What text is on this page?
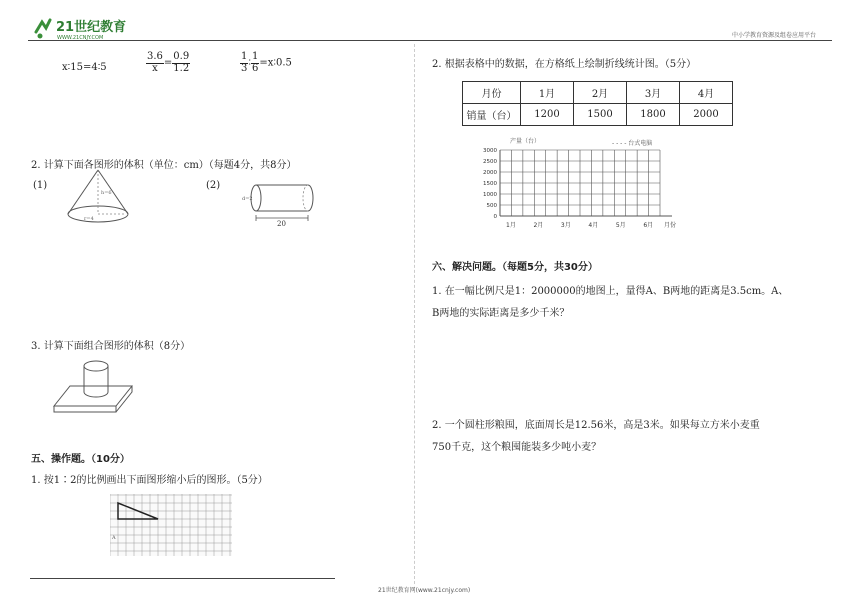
21世纪教育
WWW.21CNJY.COM	中小学教育资源及组卷应用平台
x∶15=4∶5	$\frac{3.6}{x} = \frac{0.9}{1.2}$	$\frac{1}{3}$ ∶ $\frac{1}{6}$ =x∶0.5
2. 计算下面各图形的体积（单位：cm）（每题4分，共8分）
(1)	(2)
h=6
r=4
d=2
20
3. 计算下面组合图形的体积（8分）
五、操作题。（10分）
1. 按1∶2的比例画出下面图形缩小后的图形。（5分）
A
2. 根据表格中的数据，在方格纸上绘制折线统计图。（5分）
月份	1月	2月	3月	4月
销量（台）	1200	1500	1800	2000
产量（台）	- - - - 台式电脑
0
500
1000
1500
2000
2500
3000
1月	2月	3月	4月	5月	6月 月份
六、解决问题。（每题5分，共30分）
1. 在一幅比例尺是1：2000000的地图上，量得A、B两地的距离是3.5cm。A、
B两地的实际距离是多少千米？
2. 一个圆柱形粮囤，底面周长是12.56米，高是3米。如果每立方米小麦重
750千克，这个粮囤能装多少吨小麦？
21世纪教育网(www.21cnjy.com)
